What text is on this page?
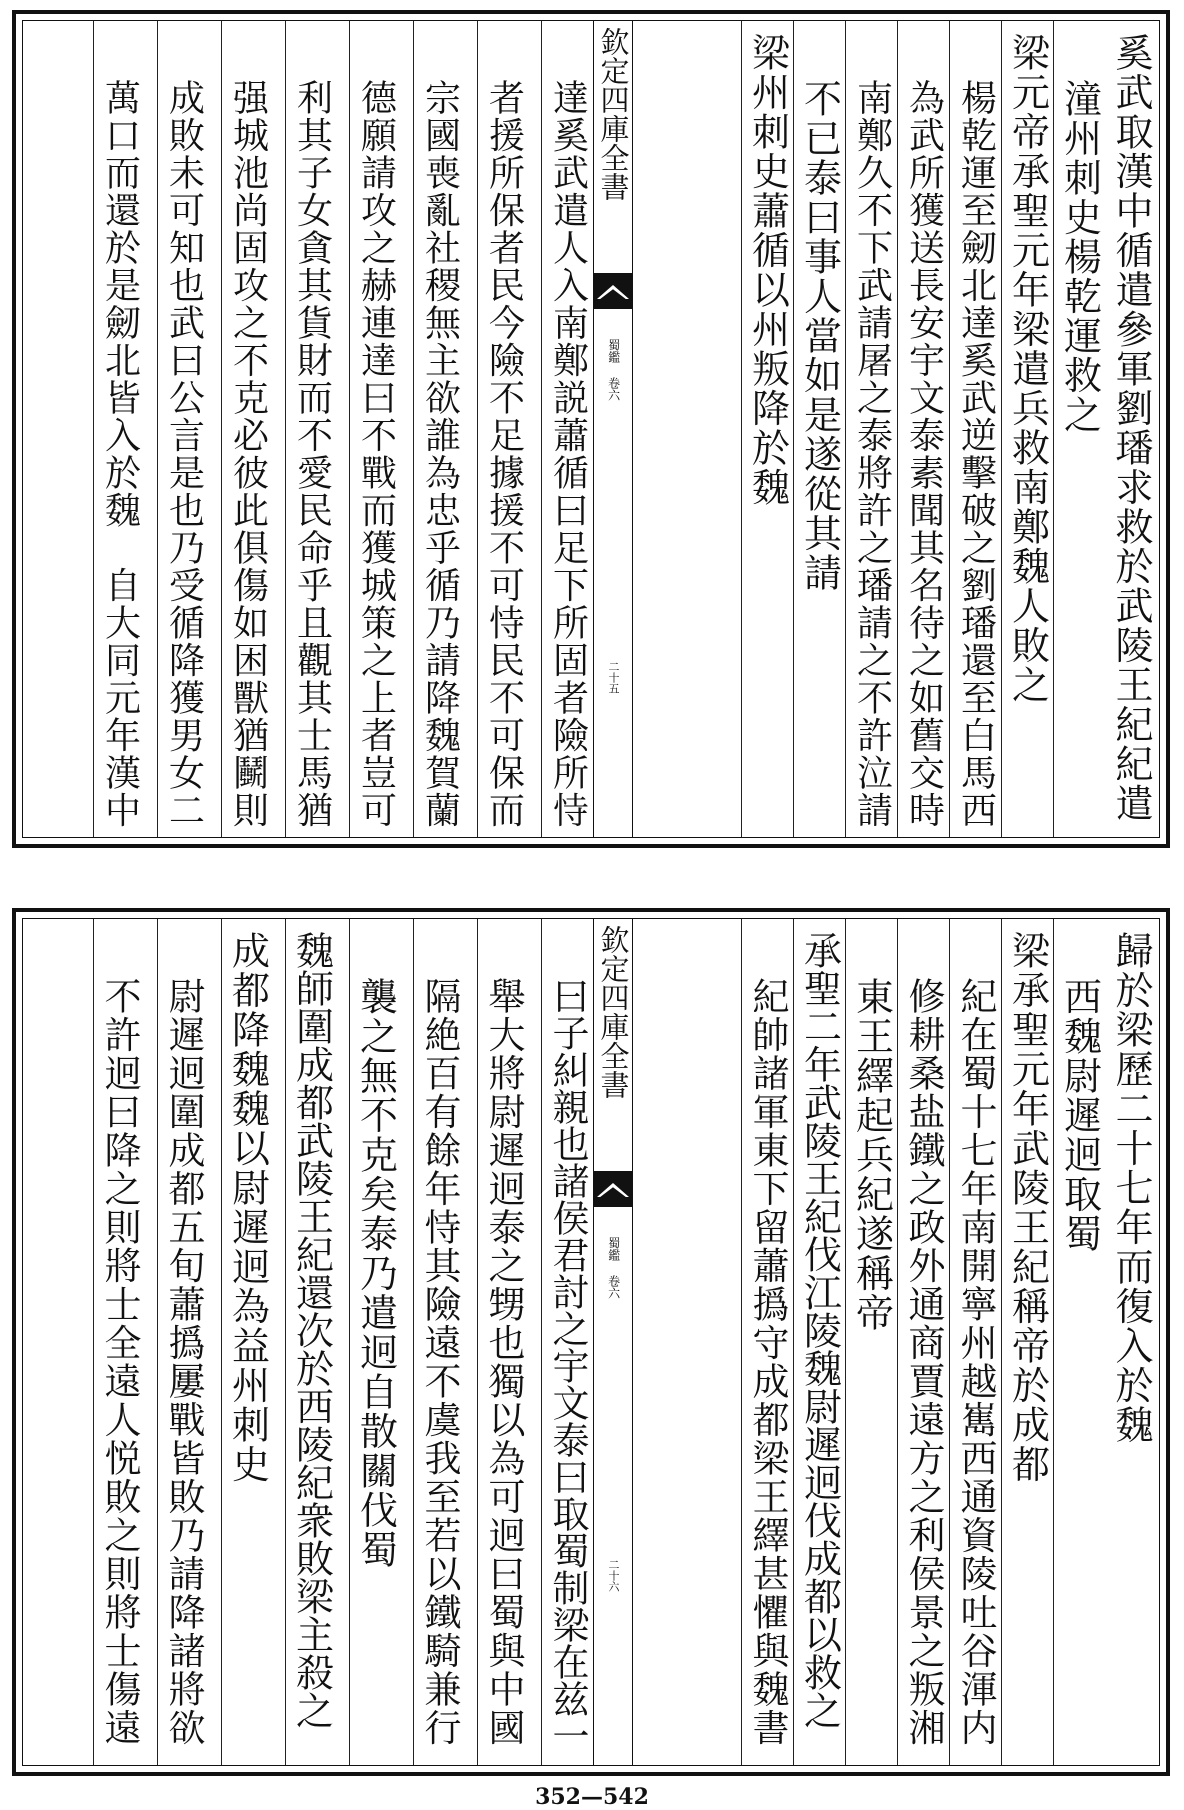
奚武取漢中循遣參軍劉璠求救於武陵王紀紀遣
潼州刺史楊乾運救之
梁元帝承聖元年梁遣兵救南鄭魏人敗之
楊乾運至劒北達奚武逆擊破之劉璠還至白馬西
為武所獲送長安宇文泰素聞其名待之如舊交時
南鄭久不下武請屠之泰將許之璠請之不許泣請
不已泰曰事人當如是遂從其請
梁州刺史蕭循以州叛降於魏
欽定四庫全書
蜀鑑 卷六
二十五
達奚武遣人入南鄭説蕭循曰足下所固者險所恃
者援所保者民今險不足據援不可恃民不可保而
宗國喪亂社稷無主欲誰為忠乎循乃請降魏賀蘭
德願請攻之赫連達曰不戰而獲城策之上者豈可
利其子女貪其貨財而不愛民命乎且觀其士馬猶
强城池尚固攻之不克必彼此俱傷如困獸猶鬭則
成敗未可知也武曰公言是也乃受循降獲男女二
萬口而還於是劒北皆入於魏　自大同元年漢中
歸於梁歷二十七年而復入於魏
西魏尉遲迥取蜀
梁承聖元年武陵王紀稱帝於成都
紀在蜀十七年南開寧州越嶲西通資陵吐谷渾内
修耕桑盐鐵之政外通商賈遠方之利侯景之叛湘
東王繹起兵紀遂稱帝
承聖二年武陵王紀伐江陵魏尉遲迥伐成都以救之
紀帥諸軍東下留蕭撝守成都梁王繹甚懼與魏書
欽定四庫全書
蜀鑑 卷六
二十六
曰子糾親也諸侯君討之宇文泰曰取蜀制梁在兹一
舉大將尉遲迥泰之甥也獨以為可迥曰蜀與中國
隔絶百有餘年恃其險遠不虞我至若以鐵騎兼行
襲之無不克矣泰乃遣迥自散關伐蜀
魏師圍成都武陵王紀還次於西陵紀衆敗梁主殺之
成都降魏魏以尉遲迥為益州刺史
尉遲迥圍成都五旬蕭撝屢戰皆敗乃請降諸將欲
不許迥曰降之則將士全遠人悦敗之則將士傷遠
352—542
